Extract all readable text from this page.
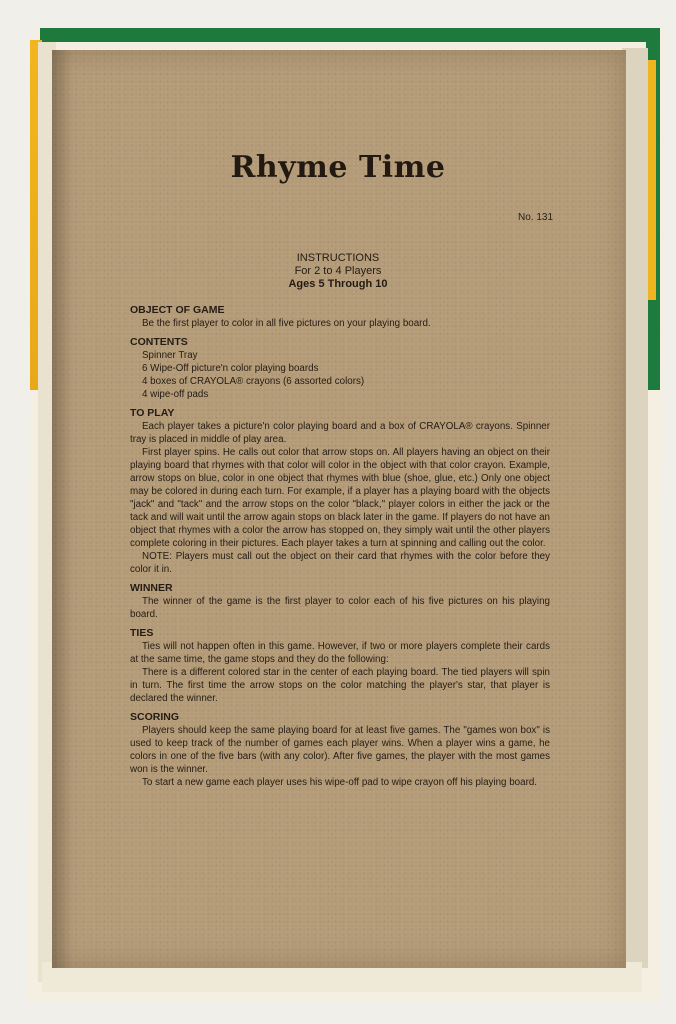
Rhyme Time
No. 131
INSTRUCTIONS
For 2 to 4 Players
Ages 5 Through 10
OBJECT OF GAME

Be the first player to color in all five pictures on your playing board.

CONTENTS
Spinner Tray
6 Wipe-Off picture'n color playing boards
4 boxes of CRAYOLA® crayons (6 assorted colors)
4 wipe-off pads
TO PLAY

Each player takes a picture'n color playing board and a box of CRAYOLA® crayons. Spinner tray is placed in middle of play area.

First player spins. He calls out color that arrow stops on. All players having an object on their playing board that rhymes with that color will color in the object with that color crayon. Example, arrow stops on blue, color in one object that rhymes with blue (shoe, glue, etc.) Only one object may be colored in during each turn. For example, if a player has a playing board with the objects "jack" and "tack" and the arrow stops on the color "black," player colors in either the jack or the tack and will wait until the arrow again stops on black later in the game. If players do not have an object that rhymes with a color the arrow has stopped on, they simply wait until the other players complete coloring in their pictures. Each player takes a turn at spinning and calling out the color.

NOTE: Players must call out the object on their card that rhymes with the color before they color it in.

WINNER

The winner of the game is the first player to color each of his five pictures on his playing board.

TIES

Ties will not happen often in this game. However, if two or more players complete their cards at the same time, the game stops and they do the following:

There is a different colored star in the center of each playing board. The tied players will spin in turn. The first time the arrow stops on the color matching the player's star, that player is declared the winner.

SCORING

Players should keep the same playing board for at least five games. The "games won box" is used to keep track of the number of games each player wins. When a player wins a game, he colors in one of the five bars (with any color). After five games, the player with the most games won is the winner.

To start a new game each player uses his wipe-off pad to wipe crayon off his playing board.
